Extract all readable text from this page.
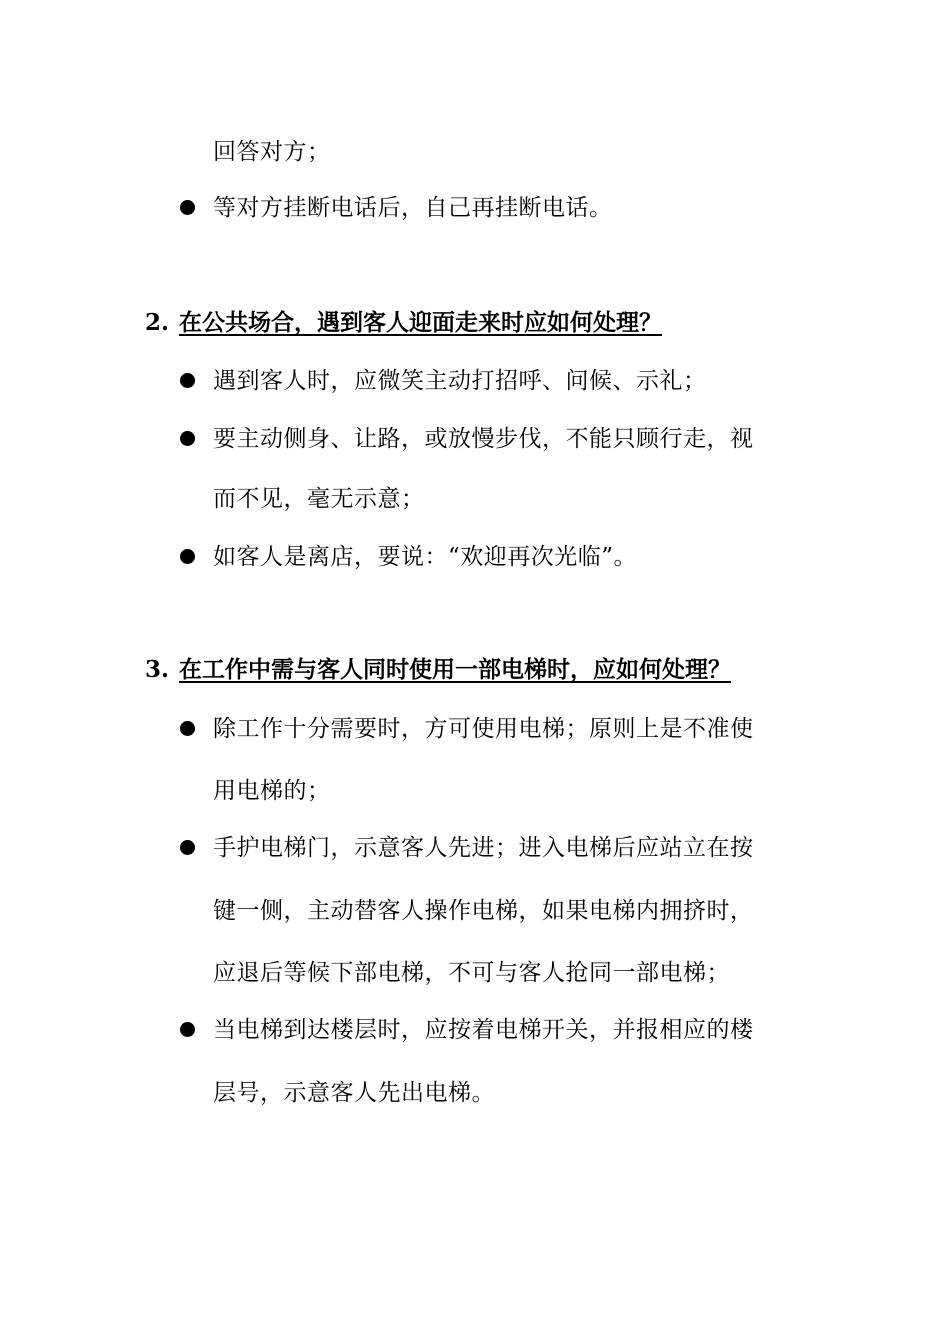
回答对方；
等对方挂断电话后，自己再挂断电话。
2. 在公共场合，遇到客人迎面走来时应如何处理？
遇到客人时，应微笑主动打招呼、问候、示礼；
要主动侧身、让路，或放慢步伐，不能只顾行走，视
而不见，毫无示意；
如客人是离店，要说：“欢迎再次光临”。
3. 在工作中需与客人同时使用一部电梯时，应如何处理？
除工作十分需要时，方可使用电梯；原则上是不准使
用电梯的；
手护电梯门，示意客人先进；进入电梯后应站立在按
键一侧，主动替客人操作电梯，如果电梯内拥挤时，
应退后等候下部电梯，不可与客人抢同一部电梯；
当电梯到达楼层时，应按着电梯开关，并报相应的楼
层号，示意客人先出电梯。
